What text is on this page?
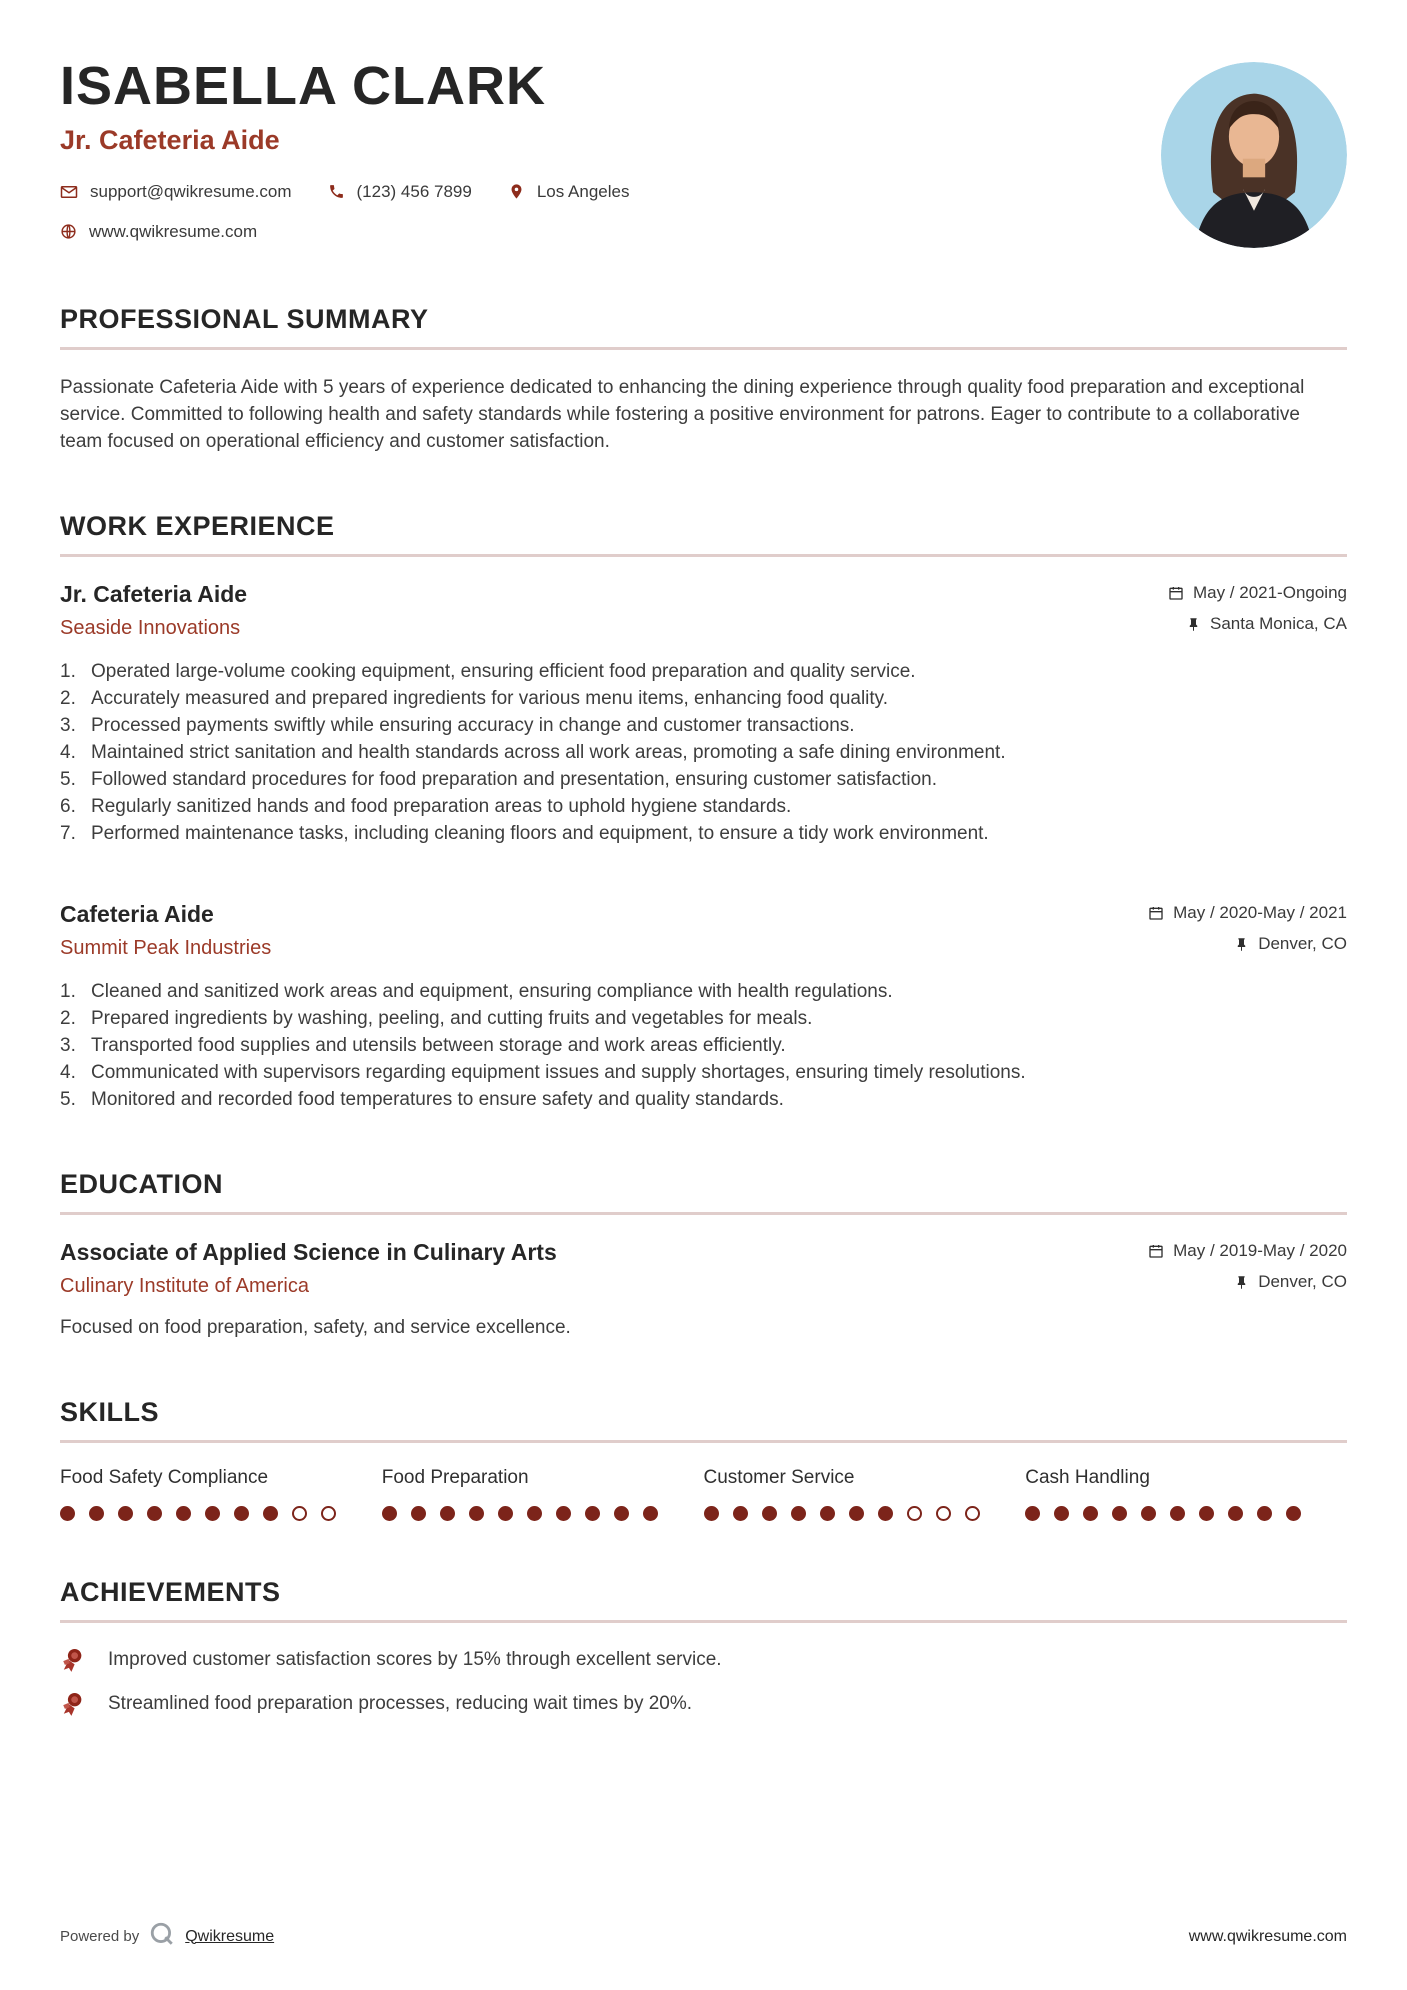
ISABELLA CLARK
Jr. Cafeteria Aide
support@qwikresume.com	(123) 456 7899	Los Angeles
www.qwikresume.com
PROFESSIONAL SUMMARY

Passionate Cafeteria Aide with 5 years of experience dedicated to enhancing the dining experience through quality food preparation and exceptional service. Committed to following health and safety standards while fostering a positive environment for patrons. Eager to contribute to a collaborative team focused on operational efficiency and customer satisfaction.

WORK EXPERIENCE
Jr. Cafeteria Aide
Seaside Innovations
May / 2021-Ongoing
Santa Monica, CA
Operated large-volume cooking equipment, ensuring efficient food preparation and quality service.
Accurately measured and prepared ingredients for various menu items, enhancing food quality.
Processed payments swiftly while ensuring accuracy in change and customer transactions.
Maintained strict sanitation and health standards across all work areas, promoting a safe dining environment.
Followed standard procedures for food preparation and presentation, ensuring customer satisfaction.
Regularly sanitized hands and food preparation areas to uphold hygiene standards.
Performed maintenance tasks, including cleaning floors and equipment, to ensure a tidy work environment.
Cafeteria Aide
Summit Peak Industries
May / 2020-May / 2021
Denver, CO
Cleaned and sanitized work areas and equipment, ensuring compliance with health regulations.
Prepared ingredients by washing, peeling, and cutting fruits and vegetables for meals.
Transported food supplies and utensils between storage and work areas efficiently.
Communicated with supervisors regarding equipment issues and supply shortages, ensuring timely resolutions.
Monitored and recorded food temperatures to ensure safety and quality standards.
EDUCATION
Associate of Applied Science in Culinary Arts
Culinary Institute of America
May / 2019-May / 2020
Denver, CO
Focused on food preparation, safety, and service excellence.
SKILLS
Food Safety Compliance	Food Preparation	Customer Service	Cash Handling
ACHIEVEMENTS
Improved customer satisfaction scores by 15% through excellent service.
Streamlined food preparation processes, reducing wait times by 20%.
Powered by	Qwikresume	www.qwikresume.com
